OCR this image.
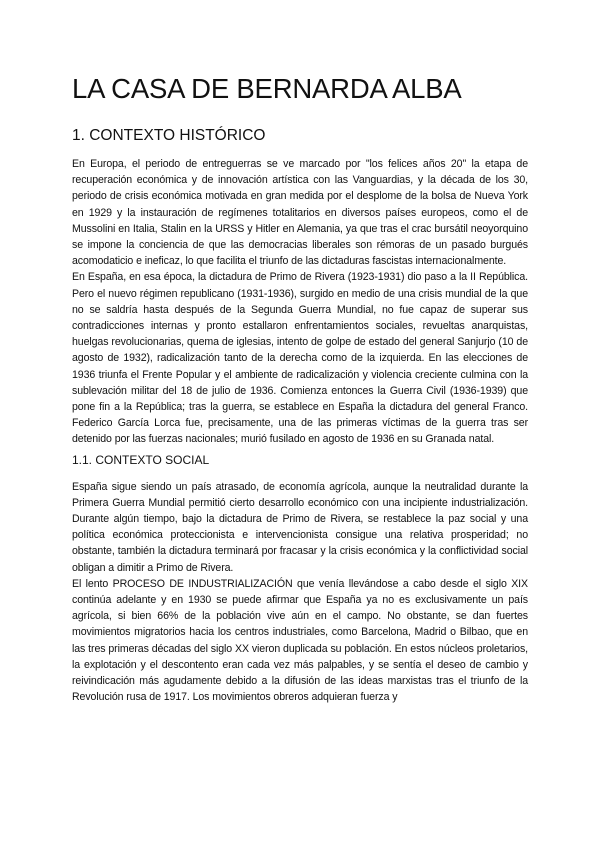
LA CASA DE BERNARDA ALBA
1. CONTEXTO HISTÓRICO

En Europa, el periodo de entreguerras se ve marcado por "los felices años 20" la etapa de recuperación económica y de innovación artística con las Vanguardias, y la década de los 30, periodo de crisis económica motivada en gran medida por el desplome de la bolsa de Nueva York en 1929 y la instauración de regímenes totalitarios en diversos países europeos, como el de Mussolini en Italia, Stalin en la URSS y Hitler en Alemania, ya que tras el crac bursátil neoyorquino se impone la conciencia de que las democracias liberales son rémoras de un pasado burgués acomodaticio e ineficaz, lo que facilita el triunfo de las dictaduras fascistas internacionalmente.

En España, en esa época, la dictadura de Primo de Rivera (1923-1931) dio paso a la II República. Pero el nuevo régimen republicano (1931-1936), surgido en medio de una crisis mundial de la que no se saldría hasta después de la Segunda Guerra Mundial, no fue capaz de superar sus contradicciones internas y pronto estallaron enfrentamientos sociales, revueltas anarquistas, huelgas revolucionarias, quema de iglesias, intento de golpe de estado del general Sanjurjo (10 de agosto de 1932), radicalización tanto de la derecha como de la izquierda. En las elecciones de 1936 triunfa el Frente Popular y el ambiente de radicalización y violencia creciente culmina con la sublevación militar del 18 de julio de 1936. Comienza entonces la Guerra Civil (1936-1939) que pone fin a la República; tras la guerra, se establece en España la dictadura del general Franco. Federico García Lorca fue, precisamente, una de las primeras víctimas de la guerra tras ser detenido por las fuerzas nacionales; murió fusilado en agosto de 1936 en su Granada natal.

1.1. CONTEXTO SOCIAL

España sigue siendo un país atrasado, de economía agrícola, aunque la neutralidad durante la Primera Guerra Mundial permitió cierto desarrollo económico con una incipiente industrialización. Durante algún tiempo, bajo la dictadura de Primo de Rivera, se restablece la paz social y una política económica proteccionista e intervencionista consigue una relativa prosperidad; no obstante, también la dictadura terminará por fracasar y la crisis económica y la conflictividad social obligan a dimitir a Primo de Rivera.

El lento PROCESO DE INDUSTRIALIZACIÓN que venía llevándose a cabo desde el siglo XIX continúa adelante y en 1930 se puede afirmar que España ya no es exclusivamente un país agrícola, si bien 66% de la población vive aún en el campo. No obstante, se dan fuertes movimientos migratorios hacia los centros industriales, como Barcelona, Madrid o Bilbao, que en las tres primeras décadas del siglo XX vieron duplicada su población. En estos núcleos proletarios, la explotación y el descontento eran cada vez más palpables, y se sentía el deseo de cambio y reivindicación más agudamente debido a la difusión de las ideas marxistas tras el triunfo de la Revolución rusa de 1917. Los movimientos obreros adquieran fuerza y
